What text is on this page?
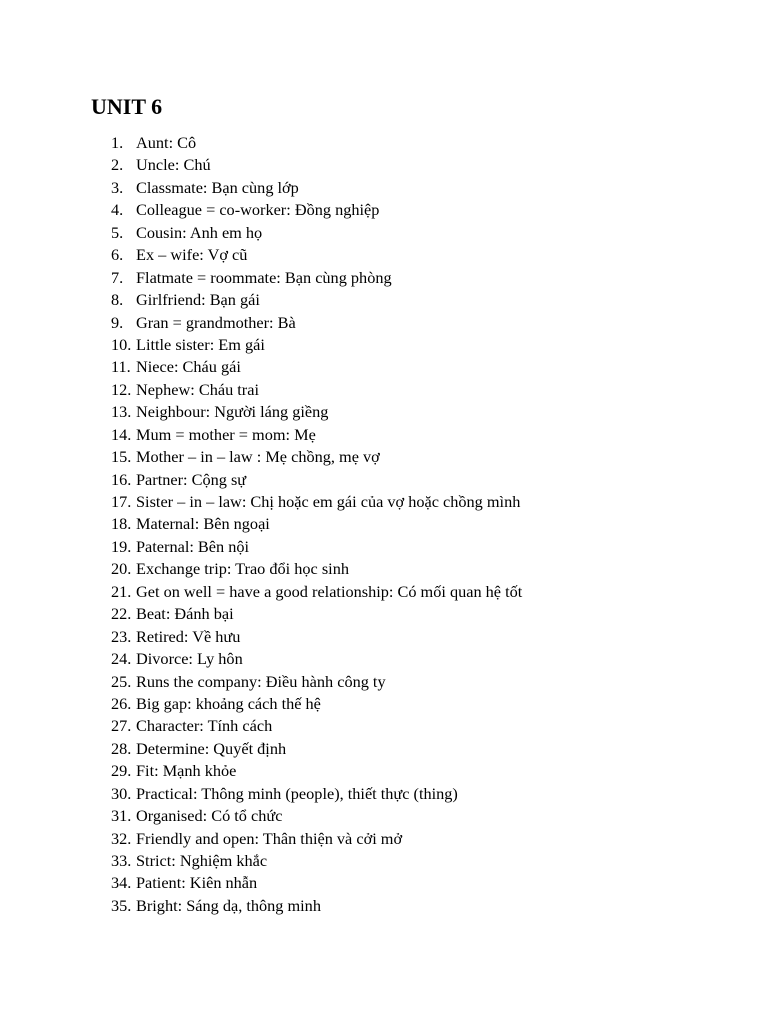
UNIT 6
1. Aunt: Cô
2. Uncle: Chú
3. Classmate: Bạn cùng lớp
4. Colleague = co-worker: Đồng nghiệp
5. Cousin: Anh em họ
6. Ex – wife: Vợ cũ
7. Flatmate = roommate: Bạn cùng phòng
8. Girlfriend: Bạn gái
9. Gran = grandmother: Bà
10. Little sister: Em gái
11. Niece: Cháu gái
12. Nephew: Cháu trai
13. Neighbour: Người láng giềng
14. Mum = mother = mom: Mẹ
15. Mother – in – law : Mẹ chồng, mẹ vợ
16. Partner: Cộng sự
17. Sister – in – law: Chị hoặc em gái của vợ hoặc chồng mình
18. Maternal: Bên ngoại
19. Paternal: Bên nội
20. Exchange trip: Trao đổi học sinh
21. Get on well = have a good relationship: Có mối quan hệ tốt
22. Beat: Đánh bại
23. Retired: Về hưu
24. Divorce: Ly hôn
25. Runs the company: Điều hành công ty
26. Big gap: khoảng cách thế hệ
27. Character: Tính cách
28. Determine: Quyết định
29. Fit: Mạnh khỏe
30. Practical: Thông minh (people), thiết thực (thing)
31. Organised: Có tổ chức
32. Friendly and open: Thân thiện và cởi mở
33. Strict: Nghiệm khắc
34. Patient: Kiên nhẫn
35. Bright: Sáng dạ, thông minh
